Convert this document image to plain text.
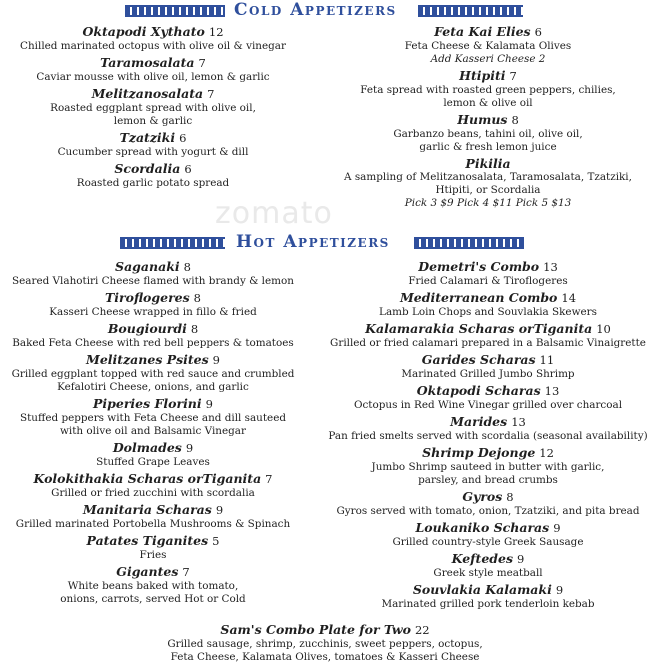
Cold Appetizers
Oktapodi Xythato 12
Chilled marinated octopus with olive oil & vinegar
Taramosalata 7
Caviar mousse with olive oil, lemon & garlic
Melitzanosalata 7
Roasted eggplant spread with olive oil,
lemon & garlic
Tzatziki 6
Cucumber spread with yogurt & dill
Scordalia 6
Roasted garlic potato spread
Feta Kai Elies 6
Feta Cheese & Kalamata Olives
Add Kasseri Cheese 2
Htipiti 7
Feta spread with roasted green peppers, chilies,
lemon & olive oil
Humus 8
Garbanzo beans, tahini oil, olive oil,
garlic & fresh lemon juice
Pikilia
A sampling of Melitzanosalata, Taramosalata, Tzatziki,
Htipiti, or Scordalia
Pick 3 $9 Pick 4 $11 Pick 5 $13
zomato
Hot Appetizers
Saganaki 8
Seared Vlahotiri Cheese flamed with brandy & lemon
Tiroflogeres 8
Kasseri Cheese wrapped in fillo & fried
Bougiourdi 8
Baked Feta Cheese with red bell peppers & tomatoes
Melitzanes Psites 9
Grilled eggplant topped with red sauce and crumbled
Kefalotiri Cheese, onions, and garlic
Piperies Florini 9
Stuffed peppers with Feta Cheese and dill sauteed
with olive oil and Balsamic Vinegar
Dolmades 9
Stuffed Grape Leaves
Kolokithakia Scharas orTiganita 7
Grilled or fried zucchini with scordalia
Manitaria Scharas 9
Grilled marinated Portobella Mushrooms & Spinach
Patates Tiganites 5
Fries
Gigantes 7
White beans baked with tomato,
onions, carrots, served Hot or Cold
Demetri's Combo 13
Fried Calamari & Tiroflogeres
Mediterranean Combo 14
Lamb Loin Chops and Souvlakia Skewers
Kalamarakia Scharas orTiganita 10
Grilled or fried calamari prepared in a Balsamic Vinaigrette
Garides Scharas 11
Marinated Grilled Jumbo Shrimp
Oktapodi Scharas 13
Octopus in Red Wine Vinegar grilled over charcoal
Marides 13
Pan fried smelts served with scordalia (seasonal availability)
Shrimp Dejonge 12
Jumbo Shrimp sauteed in butter with garlic,
parsley, and bread crumbs
Gyros 8
Gyros served with tomato, onion, Tzatziki, and pita bread
Loukaniko Scharas 9
Grilled country-style Greek Sausage
Keftedes 9
Greek style meatball
Souvlakia Kalamaki 9
Marinated grilled pork tenderloin kebab
Sam's Combo Plate for Two 22
Grilled sausage, shrimp, zucchinis, sweet peppers, octopus,
Feta Cheese, Kalamata Olives, tomatoes & Kasseri Cheese
